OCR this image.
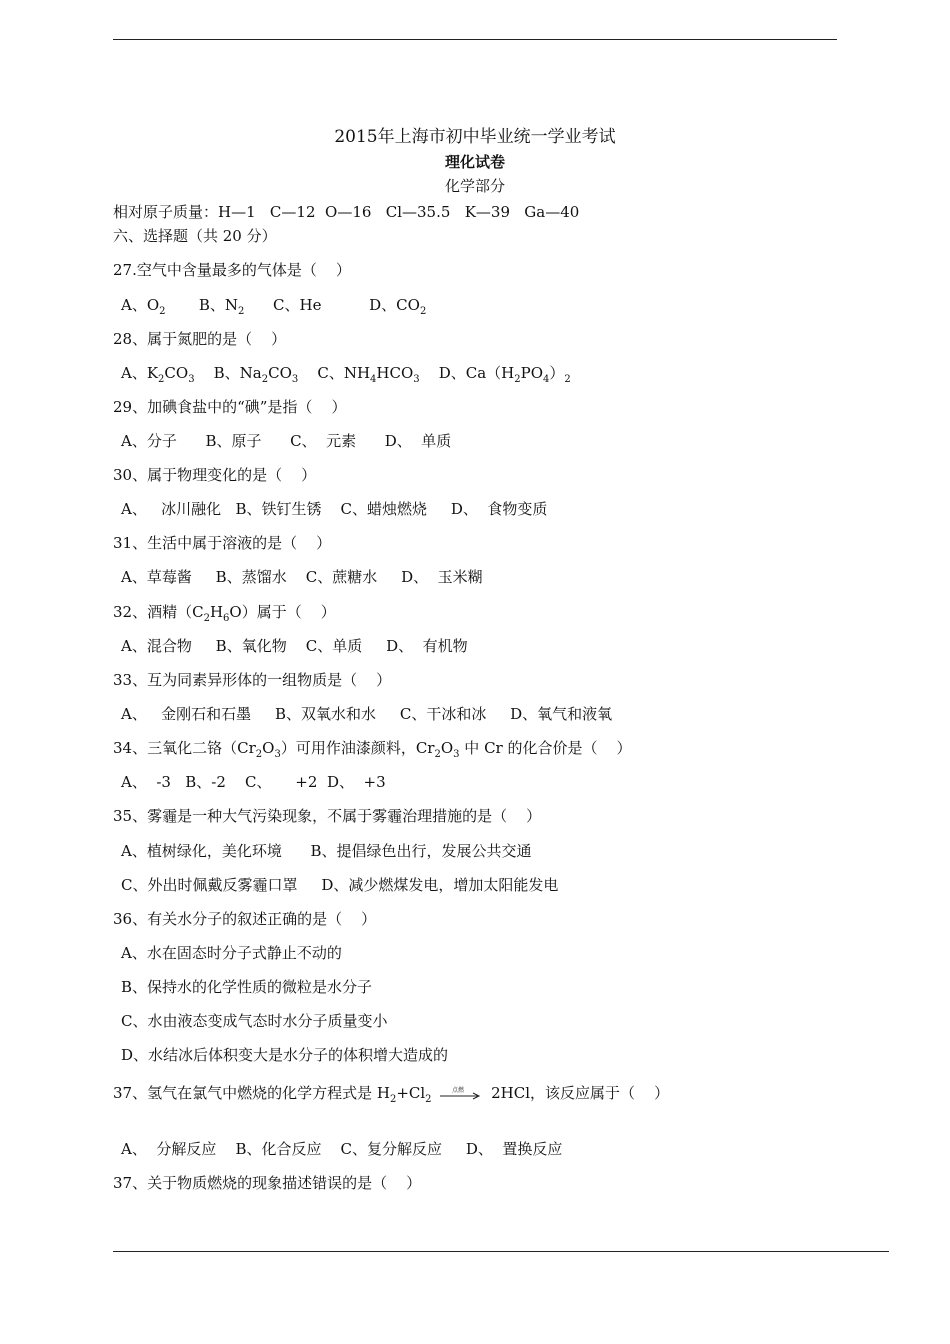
2015年上海市初中毕业统一学业考试
理化试卷
化学部分
相对原子质量：H—1   C—12  O—16   Cl—35.5   K—39   Ga—40
六、选择题（共 20 分）
27.空气中含量最多的气体是（    ）
A、$O_2$       B、$N_2$      C、He          D、$CO_2$
28、属于氮肥的是（    ）
A、$K_2CO_3$    B、$Na_2CO_3$    C、$NH_4HCO_3$    D、$Ca(H_2PO_4)_2$
29、加碘食盐中的“碘”是指（    ）
A、分子      B、原子      C、  元素      D、  单质
30、属于物理变化的是（    ）
A、   冰川融化   B、铁钉生锈    C、蜡烛燃烧     D、  食物变质
31、生活中属于溶液的是（    ）
A、草莓酱     B、蒸馏水    C、蔗糖水     D、  玉米糊
32、酒精$(C_2H_6O)$属于（    ）
A、混合物     B、氧化物    C、单质     D、  有机物
33、互为同素异形体的一组物质是（    ）
A、   金刚石和石墨     B、双氧水和水     C、干冰和冰     D、氧气和液氧
34、三氧化二铬$(Cr_2O_3)$可用作油漆颜料，$Cr_2O_3$ 中 Cr 的化合价是（    ）
A、  -3   B、-2    C、     +2  D、  +3
35、雾霾是一种大气污染现象，不属于雾霾治理措施的是（    ）
A、植树绿化，美化环境      B、提倡绿色出行，发展公共交通
C、外出时佩戴反雾霾口罩     D、减少燃煤发电，增加太阳能发电
36、有关水分子的叙述正确的是（    ）
A、水在固态时分子式静止不动的
B、保持水的化学性质的微粒是水分子
C、水由液态变成气态时水分子质量变小
D、水结冰后体积变大是水分子的体积增大造成的
37、氢气在氯气中燃烧的化学方程式是 $H_2+Cl_2$
点燃 2HCl，该反应属于（    ）
A、  分解反应    B、化合反应    C、复分解反应     D、  置换反应
37、关于物质燃烧的现象描述错误的是（    ）
